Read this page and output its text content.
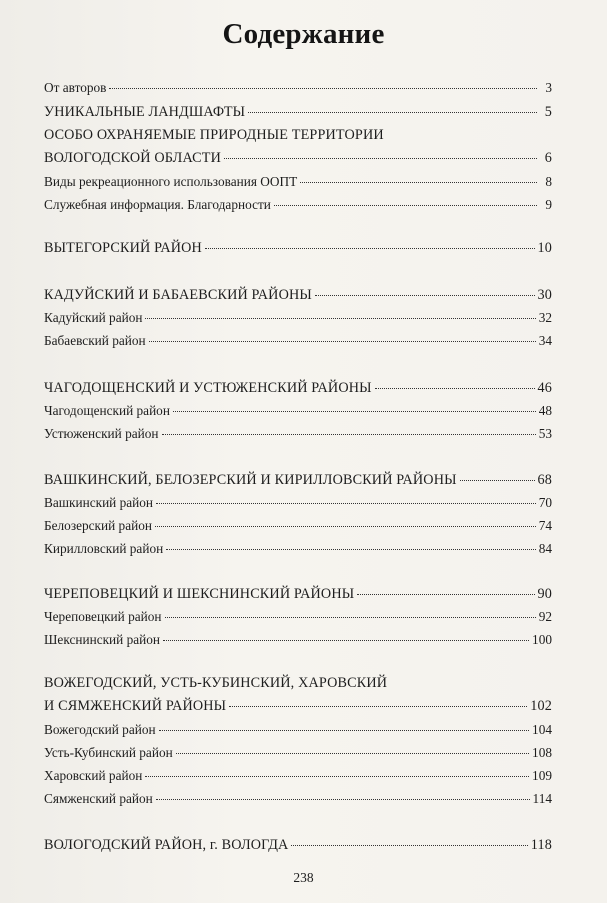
Содержание
От авторов	3
УНИКАЛЬНЫЕ ЛАНДШАФТЫ	5
ОСОБО ОХРАНЯЕМЫЕ ПРИРОДНЫЕ ТЕРРИТОРИИ
ВОЛОГОДСКОЙ ОБЛАСТИ	6
Виды рекреационного использования ООПТ	8
Служебная информация. Благодарности	9
ВЫТЕГОРСКИЙ РАЙОН	10
КАДУЙСКИЙ И БАБАЕВСКИЙ РАЙОНЫ	30
Кадуйский район	32
Бабаевский район	34
ЧАГОДОЩЕНСКИЙ И УСТЮЖЕНСКИЙ РАЙОНЫ	46
Чагодощенский район	48
Устюженский район	53
ВАШКИНСКИЙ, БЕЛОЗЕРСКИЙ И КИРИЛЛОВСКИЙ РАЙОНЫ	68
Вашкинский район	70
Белозерский район	74
Кирилловский район	84
ЧЕРЕПОВЕЦКИЙ И ШЕКСНИНСКИЙ РАЙОНЫ	90
Череповецкий район	92
Шекснинский район	100
ВОЖЕГОДСКИЙ, УСТЬ-КУБИНСКИЙ, ХАРОВСКИЙ
И СЯМЖЕНСКИЙ РАЙОНЫ	102
Вожегодский район	104
Усть-Кубинский район	108
Харовский район	109
Сямженский район	114
ВОЛОГОДСКИЙ РАЙОН, г. ВОЛОГДА	118
238
